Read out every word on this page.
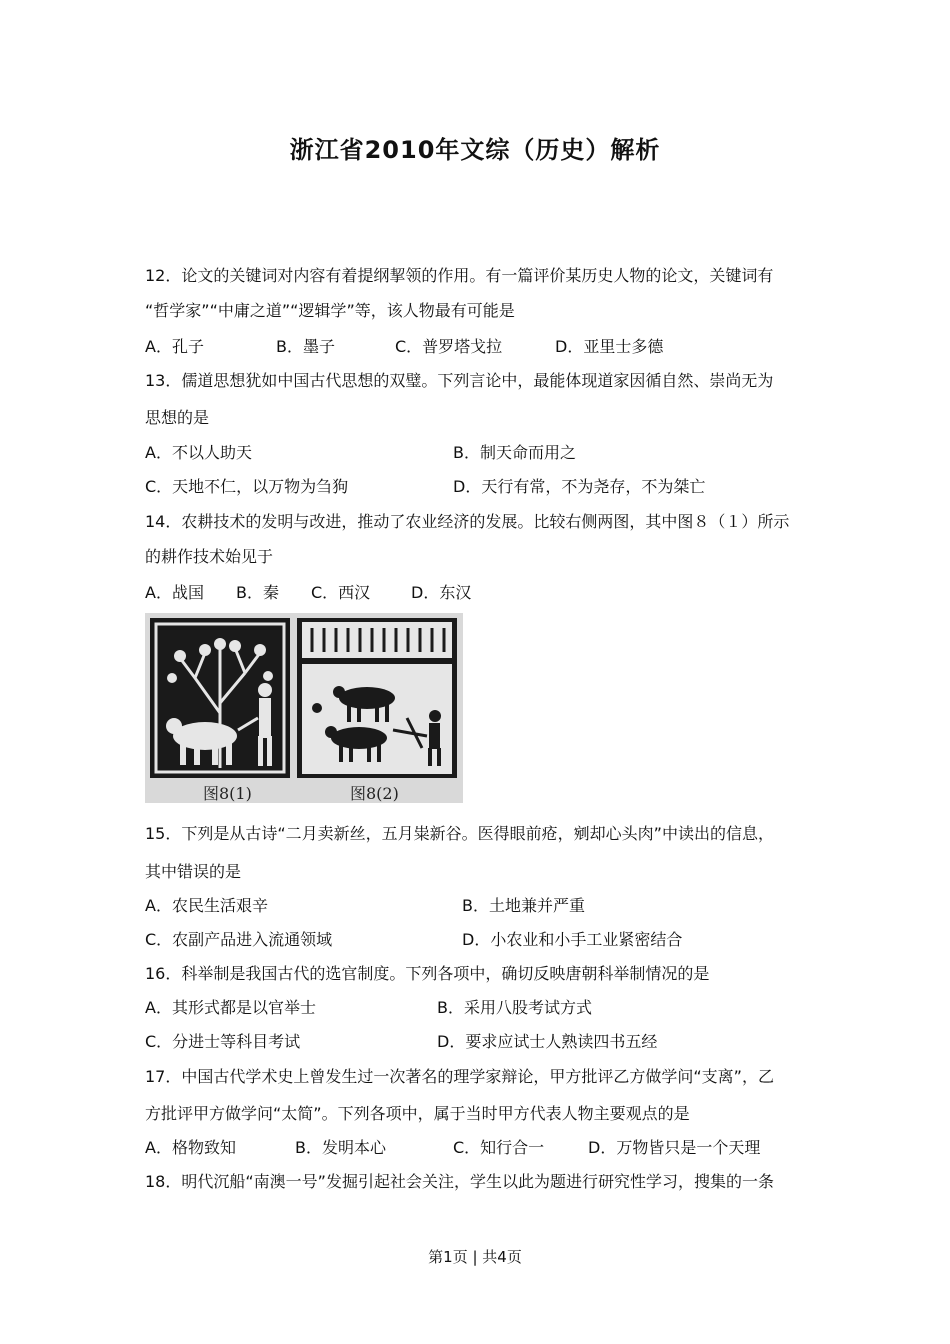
浙江省2010年文综（历史）解析
12．论文的关键词对内容有着提纲挈领的作用。有一篇评价某历史人物的论文，关键词有
“哲学家”“中庸之道”“逻辑学”等，该人物最有可能是
A．孔子	B．墨子	C．普罗塔戈拉	D．亚里士多德
13．儒道思想犹如中国古代思想的双璧。下列言论中，最能体现道家因循自然、崇尚无为
思想的是
A．不以人助天	B．制天命而用之
C．天地不仁，以万物为刍狗	D．天行有常，不为尧存，不为桀亡
14．农耕技术的发明与改进，推动了农业经济的发展。比较右侧两图，其中图８（１）所示
的耕作技术始见于
A．战国 B．秦 C．西汉	D．东汉
图8(1)	图8(2)
15．下列是从古诗“二月卖新丝，五月粜新谷。医得眼前疮，剜却心头肉”中读出的信息，
其中错误的是
A．农民生活艰辛	B．土地兼并严重
C．农副产品进入流通领域	D．小农业和小手工业紧密结合
16．科举制是我国古代的选官制度。下列各项中，确切反映唐朝科举制情况的是
A．其形式都是以官举士	B．采用八股考试方式
C．分进士等科目考试	D．要求应试士人熟读四书五经
17．中国古代学术史上曾发生过一次著名的理学家辩论，甲方批评乙方做学问“支离”，乙
方批评甲方做学问“太简”。下列各项中，属于当时甲方代表人物主要观点的是
A．格物致知	B．发明本心	C．知行合一	D．万物皆只是一个天理
18．明代沉船“南澳一号”发掘引起社会关注，学生以此为题进行研究性学习，搜集的一条
第1页 | 共4页
